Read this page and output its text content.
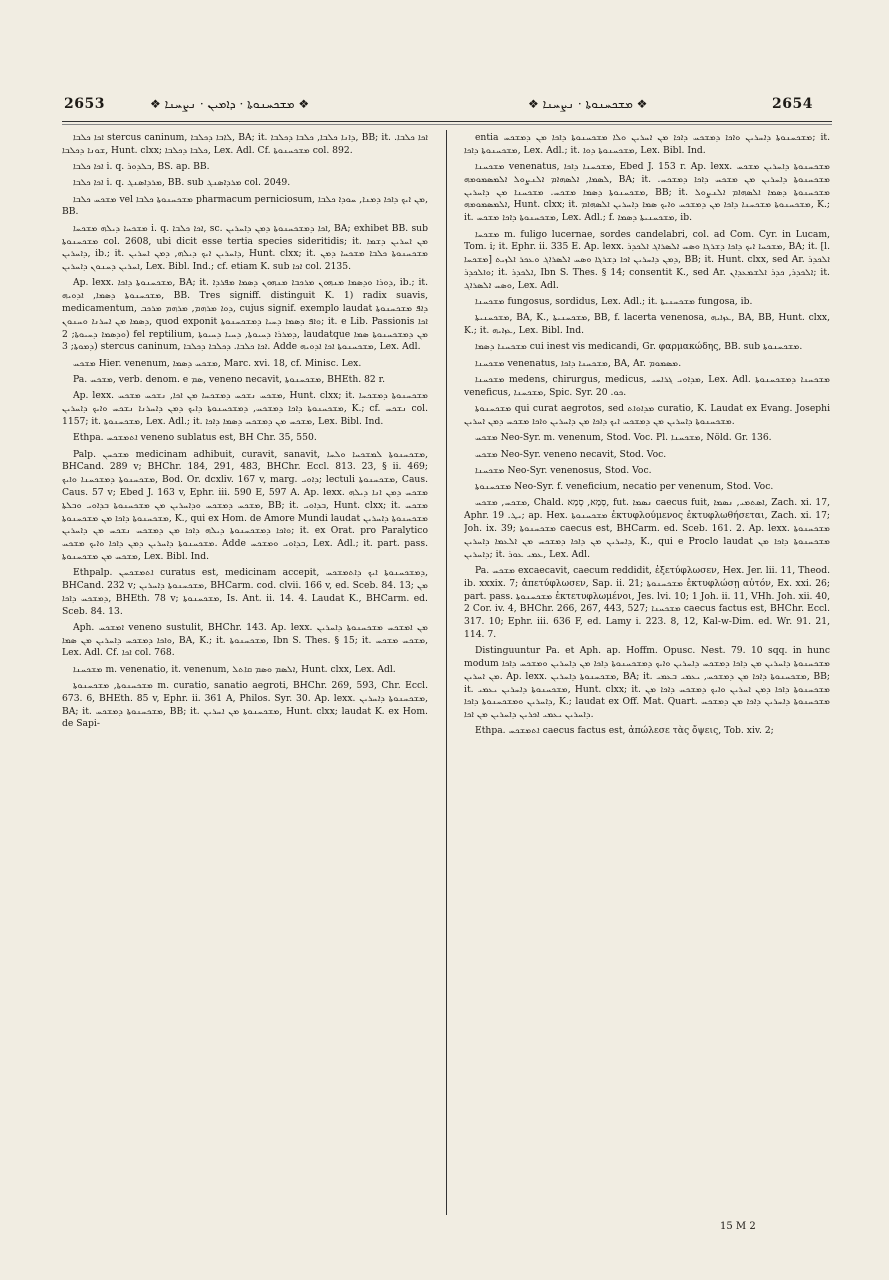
2653	❖ ܡܫܟܚܢܘܬܐ · ܕܐܡܝܢ · ܢܨܚܢܐ ❖	❖ ܡܫܟܚܢܘܬܐ · ܢܨܚܢܐ ❖	2654

ܐܟܐ ܟܠܒܐ stercus caninum, ܠܐܒܐ ܕܟܠܒܐ, BA; it. ܕܐܢܐ ܟܠܒܐ, ܟܠܒܐ ܕܟܠܒܐ, BB; it. ܐܟܐ ܟܠܒܐ. ܫܘܢܐ ܕܟܠܒܐ, Hunt. clxx; ܟܠܒܐ ܕܟܠܒܐ, Lex. Adl. Cf. ܡܫܟܚܢܘܬܐ col. 892.

ܐܟܐ ܟܠܒܐ i. q. ܒܠܕܘܪ, BS. ap. BB.

ܐܟܐ ܟܠܒܐ i. q. ܡܪܕܐܣܢܓ, BB. sub ܡܪܕܐܣܢܓ col. 2049.

ܡܫܟܚ ܟܠܒܐ vel ܡܫܟܚܢܘܬܐ ܟܠܒܐ pharmacum perniciosum, ܡܢ ܐܝܟ ܕܐܟܐ ܕܡܢܐ, ܚܘܕܐ ܟܠܒܐ, BB.

ܡܫܟܚܐ ܕܝܠܗ ܡܫܟܚܐ i. q. ܐܟܐ ܟܠܒܐ, sc. ܐܟܐ ܕܡܫܟܚܢܘܬܐ ܕܡܢ ܕܐܚܪܝܢ, BA; exhibet BB. sub ܡܫܟܚܢܘܬܐ col. 2608, ubi dicit esse tertia species sideritidis; it. ܡܢ ܐܚܪܝܢ ܕܫܡܐ ܕܐܚܪܝܢ, ib.; it. ܕܐܚܪܝܢ ܐܝܟ ܕܝܠܗ, ܕܡܢ ܐܚܪܝܢ, Hunt. clxx; it. ܡܫܟܚܢܘܬܐ ܟܠܒܐ ܡܫܟܚܐ ܕܡܢ ܐܚܪܝܢ ܕܚܢܘܢ ܕܐܚܪܝܢ, Lex. Bibl. Ind.; cf. etiam K. sub ܐܟܐ col. 2135.

Ap. lexx. ܡܫܟܚܢܘܬܐ ܕܐܟܐ, BA; it. ܕܘܪܐ ܘܕܣܡܐ ܡܢܗܘܢ ܡܪܟܒܐ ܡܢܗܘܢ ܕܣܡܐ ܡܦܪܕܐ, ib.; it. ܡܫܟܚܢܘܬܐ ܕܣܡܐ, ܐܕܘܝܗ, BB. Tres signiff. distinguit K. 1) radix suavis, medicamentum, ܕܘܐ ܡܪܗܡ, ܡܪܗܡ ܡܪܟܒ, cujus signif. exemplo laudat ܕܐܦ ܡܫܟܚܢܘܬܐ ܕܣܡܐ ܡܢ ܐܚܪܢܐ ܘܚܢܘܢ, quod exponit ܘܐܦ ܕܣܡܐ ܕܚܝܐ ܕܡܫܟܚܢܘܬܐ; it. e Lib. Passionis ܐܟܐ ܘܕܣܡܐ ܕܚܝܘܬܐ; 2) fel reptilium, ܕܡܪܪܐ ܕܚܝܘܬܐ, ܕܚܝܐ ܕܚܝܘܬܐ, laudatque ܡܢ ܕܡܫܟܚܢܘܬܐ ܣܡܐ ܕܡܘܬܐ; 3) stercus caninum, ܐܟܐ ܟܠܒܐ. ܕܟܠܒܐ ܕܟܠܒܐ. Adde ܡܫܟܚܢܘܬܐ ܐܟܐ ܐܕܘܝܗ, Lex. Adl.

ܡܫܟܚ Hier. venenum, ܡܫܟܚ ܕܣܡܐ, Marc. xvi. 18, cf. Minisc. Lex.

Pa. ܡܫܟܚ, verb. denom. e ܣܡ, veneno necavit, ܡܫܟܚܢܘܬܐ, BHEth. 82 r.

Ap. lexx. ܡܫܟܚ ܢܫܟܚ ܕܡܫܟܚܐ ܡܢ ܐܟܐ, ܢܫܟܚ ܡܫܟܚ, Hunt. clxx; it. ܡܫܟܚܢܘܬܐ ܕܡܫܟܚܐ ܡܫܟܚܢܘܬܐ ܕܐܟܐ ܕܡܫܟܚ, ܕܡܫܟܚܢܘܬܐ ܕܐܝܟ ܕܡܢ ܕܐܚܪܢܐ ܢܫܟܚ ܘܐܝܟ ܕܐܚܪܝܢ, K.; cf. ܢܫܟܚ col. 1157; it. ܡܫܟܚܢܘܬܐ, Lex. Adl.; it. ܡܫܟܚ ܡܢ ܕܡܫܟܚ ܕܣܡܐ ܕܐܟܐ, Lex. Bibl. Ind.

Ethpa. ܐܬܡܫܟܚ veneno sublatus est, BH Chr. 35, 550.

Palp. ܡܫܟܚܢ medicinam adhibuit, curavit, sanavit, ܡܫܟܚܢܘܬܐ ܠܡܫܟܚܐ ܘܠܚܐ, BHCand. 289 v; BHChr. 184, 291, 483, BHChr. Eccl. 813. 23, § ii. 469; ܡܫܟܚܢܘܬܐ ܕܡܫܟܚܢܐ ܘܐܝܟ, Bod. Or. dcxliv. 167 v, marg. ܕܐܘܝ; lectuli ܡܫܟܚܢܘܬܐ, Caus. Caus. 57 v; Ebed J. 163 v, Ephr. iii. 590 E, 597 A. Ap. lexx. ܡܫܟܚ ܕܡܢ ܐܢܐ ܕܝܠܗ ܡܫܟܚ ܕܡܫܟܚ ܘܕܐܚܪܝܢ ܡܢ ܡܫܟܚܢܘܬܐ ܒܕܐܘܝ ܘܒܠܬܐ, BB; it. ܒܕܐܘܝ, Hunt. clxx; it. ܡܫܟܚ ܡܫܟܚܢܘܬܐ ܕܐܟܐ ܡܢ ܡܫܟܚܢܘܬܐ, K., qui ex Hom. de Amore Mundi laudat ܡܫܟܚܢܘܬܐ ܕܐܚܪܝܢ ܘܐܟܐ ܕܡܫܟܚܢܘܬܐ ܕܝܠܗ ܕܐܟܐ ܡܢ ܕܡܫܟܚ ܢܫܟܚ ܡܢ ܕܐܚܪܝܢ; it. ex Orat. pro Paralytico ܡܫܟܚܢܘܬܐ ܕܐܚܪܝܢ ܕܡܢ ܕܐܟܐ ܘܐܝܟ ܡܫܟܚ. Adde ܒܕܐܘܝ ܘܡܫܟܚ, Lex. Adl.; it. part. pass. ܡܫܟܚ ܡܢ ܡܫܟܚܢܘܬܐ, Lex. Bibl. Ind.

Ethpalp. ܐܬܡܫܟܚܢ curatus est, medicinam accepit, ܕܡܫܟܚܢܘܬܐ ܐܝܟ ܕܐܬܡܫܟܚ, BHCand. 232 v; ܡܫܟܚܢܘܬܐ ܕܐܚܪܝܢ, BHCarm. cod. clvii. 166 v, ed. Sceb. 84. 13; ܡܢ ܕܡܫܟܚ ܕܐܟܐ, BHEth. 78 v; ܡܫܟܚܢܘܬܐ, Is. Ant. ii. 14. 4. Laudat K., BHCarm. ed. Sceb. 84. 13.

Aph. ܐܡܫܟܚ veneno sustulit, BHChr. 143. Ap. lexx. ܡܢ ܐܡܫܟܚ ܡܫܟܚܢܘܬܐ ܕܐܚܪܝܢ ܘܐܟܐ ܕܡܫܟܚ ܕܐܚܪܝܢ ܡܢ ܣܡܐ, BA, K.; it. ܡܫܟܚܢܘܬܐ, Ibn S. Thes. § 15; it. ܡܫܟܚ ܡܫܟܚ, Lex. Adl. Cf. ܐܟܐ col. 768.

ܡܫܟܚܢܐ m. venenatio, it. venenum, ܐܠܣܡ ܘܣܡ ܩܐܬܠ, Hunt. clxx, Lex. Adl.

ܡܫܟܚܢܘܬܐ, ܡܫܟܚܢܘܬܐ m. curatio, sanatio aegroti, BHChr. 269, 593, Chr. Eccl. 673. 6, BHEth. 85 v, Ephr. ii. 361 A, Philos. Syr. 30. Ap. lexx. ܡܫܟܚܢܘܬܐ ܕܐܚܪܝܢ, BA; it. ܡܫܟܚܢܘܬܐ ܕܡܫܟܚ, BB; it. ܡܫܟܚܢܘܬܐ ܡܢ ܐܚܪܝܢ, Hunt. clxx; laudat K. ex Hom. de Sapi-

entia ܡܫܟܚܢܘܬܐ ܕܐܚܪܝܢ ܘܐܟܐ ܕܡܫܟܚ ܕܐܟܐ ܡܢ ܐܚܪܝܢ ܘܠܐ ܡܫܟܚܢܘܬܐ ܕܐܟܐ ܡܢ ܕܡܫܟܚ; it. ܡܫܟܚܢܘܬܐ ܕܐܟܐ, Lex. Adl.; it. ܡܫܟܚܢܘܬܐ ܕܘܐ, Lex. Bibl. Ind.

ܡܫܟܚܢܐ venenatus, ܡܫܟܚܢܐ ܕܐܟܐ, Ebed J. 153 r. Ap. lexx. ܡܫܟܚܢܘܬܐ ܕܐܚܪܝܢ ܡܫܟܚ ܠܣܡܐ, ܐܠܣܗܐܡ ܐܠܢܨܘܠ ܐܠܡܣܡܘܡܗ, BA; it. ܡܫܟܚܢܘܬܐ ܕܐܚܪܝܢ ܡܢ ܡܫܟܚ ܕܐܟܐ ܕܡܫܟܚ. ܡܫܟܚܢܘܬܐ ܕܣܡܐ ܡܫܟܚ. ܡܫܟܚܢܐ ܡܢ ܕܐܚܪܝܢ, BB; it. ܡܫܟܚܢܘܬܐ ܕܣܡܐ ܐܠܣܗܐܡ ܐܠܢܨܘܠ ܐܠܡܣܡܘܡܗ, Hunt. clxx; it. ܡܫܟܚܢܘܬܐ ܡܫܟܚܢܐ ܕܐܟܐ ܡܢ ܕܡܫܟܚ ܘܐܝܟ ܣܡܐ ܕܐܚܪܝܢ ܐܠܣܗܐܡ, K.; it. ܡܫܟܚܢܘܬܐ ܕܐܟܐ ܡܫܟܚ, Lex. Adl.; f. ܡܫܟܚܢܝܬܐ ܕܣܡܐ, ib.

ܡܫܟܚܐ m. fuligo lucernae, sordes candelabri, col. ad Com. Cyr. in Lucam, Tom. i; it. Ephr. ii. 335 E. Ap. lexx. ܡܫܟܚܐ ܐܝܟ ܕܐܟܐ ܕܫܪܓܐ ܘܣܚ ܐܠܣܪܐܓ ܐܠܟܕܪ, BA; it. [l. ܡܫܟܚܐ] ܕܡܢ ܕܐܚܪܝܢ ܐܟܐ ܕܫܪܓܐ ܘܣܚ ܐܠܣܪܐܓ ܘܥܟܪ ܐܠܙܝܬ, BB; it. Hunt. clxx, sed Ar. ܐܠܟܕܪ ܘܐܠܟܕܪ; it. ܐܠܟܕܪ, Ibn S. Thes. § 14; consentit K., sed Ar. ܐܠܟܕܪ, ܟܕܪ ܐܠܫܡܥܕܐܢ; it. ܘܣܚ ܐܠܣܪܐܓ, Lex. Adl.

ܡܫܟܚܢܐ fungosus, sordidus, Lex. Adl.; it. ܡܫܟܚܢܝܬܐ fungosa, ib.

ܡܫܟܚܢܝܬܐ, BA, K., ܡܫܟܚܢܝܬܐ, BB, f. lacerta venenosa, ܥܙܐܝܗ, BA, BB, Hunt. clxx, K.; it. ܥܙܐܝܗ, Lex. Bibl. Ind.

ܡܫܟܚܢܐ ܕܣܡܐ cui inest vis medicandi, Gr. φαρμακώδης, BB. sub ܡܫܟܚܢܘܬܐ.

ܡܫܟܚܢܐ venenatus, ܡܫܟܚܢܐ ܕܐܟܐ, BA, Ar. ܡܣܡܘܡ.

ܡܫܟܚܢܐ medens, chirurgus, medicus, ܡܕܐܘܝ ܓܪܐܚܝ, Lex. Adl. ܡܫܟܚܢܐ ܕܡܫܟܚܢܘܬܐ veneficus, ܡܫܟܚܢܐ, Spic. Syr. ܟܘ. 20.

ܡܫܟܚܢܘܬܐ qui curat aegrotos, sed ܡܕܐܘܐܬ curatio, K. Laudat ex Evang. Josephi ܡܫܟܚܢܘܬܐ ܕܐܚܪܝܢ ܡܢ ܕܡܫܟܚ ܐܝܟ ܕܐܟܐ ܡܢ ܕܐܚܪܝܢ ܘܐܟܐ ܡܫܟܚ ܕܡܢ ܐܚܪܝܢ.

ܡܫܟܚ Neo-Syr. m. venenum, Stod. Voc. Pl. ܡܫܟܚܢܐ, Nöld. Gr. 136.

ܡܫܟܚ Neo-Syr. veneno necavit, Stod. Voc.

ܡܫܟܚܢܐ Neo-Syr. venenosus, Stod. Voc.

ܡܫܟܚܢܘܬܐ Neo-Syr. f. veneficium, necatio per venenum, Stod. Voc.

ܡܫܟܚ, ܡܫܟܚ, Chald. סְמָא, סְמָא, fut. ܢܣܡܐ caecus fuit, ܐܣܬܡܝ, ܢܣܡܐ, Zach. xi. 17, Aphr. ܝܛ. 19; ap. Hex. ܡܫܟܚܢܘܬܐ ἐκτυφλούμενος ἐκτυφλωθήσεται, Zach. xi. 17; Joh. ix. 39; ܡܫܟܚܢܘܬܐ caecus est, BHCarm. ed. Sceb. 161. 2. Ap. lexx. ܡܫܟܚܢܘܬܐ ܕܐܚܪܝܢ ܡܢ ܕܐܟܐ ܕܡܫܟܚ ܡܢ ܐܠܥܡܐ ܕܐܚܪܝܢ, K., qui e Proclo laudat ܡܫܟܚܢܘܬܐ ܕܐܟܐ ܡܢ ܕܐܚܪܝܢ; it. ܥܡܝ ܥܘܪ, Lex. Adl.

Pa. ܡܫܟܚ excaecavit, caecum reddidit, ἐξετύφλωσεν, Hex. Jer. lii. 11, Theod. ib. xxxix. 7; ἀπετύφλωσεν, Sap. ii. 21; ܡܫܟܚܢܘܬܐ ἐκτυφλώσῃ αὐτόν, Ex. xxi. 26; part. pass. ܡܫܟܚܢܘܬܐ ἐκτετυφλωμένοι, Jes. lvi. 10; 1 Joh. ii. 11, VHh. Joh. xii. 40, 2 Cor. iv. 4, BHChr. 266, 267, 443, 527; ܡܫܟܚܢܐ caecus factus est, BHChr. Eccl. 317. 10; Ephr. iii. 636 F, ed. Lamy i. 223. 8, 12, Kal-w-Dim. ed. Wr. 91. 21, 114. 7.

Distinguuntur Pa. et Aph. ap. Hoffm. Opusc. Nest. 79. 10 sqq. in hunc modum ܡܫܟܚܢܘܬܐ ܕܐܚܪܝܢ ܡܢ ܕܐܟܐ ܕܡܫܟܚ ܕܐܚܪܝܢ ܘܐܝܟ ܕܡܫܟܚܢܘܬܐ ܕܐܟܐ ܡܢ ܕܐܚܪܝܢ ܘܡܫܟܚ ܕܐܟܐ ܡܢ ܐܚܪܝܢ. Ap. lexx. ܡܫܟܚܢܘܬܐ ܕܐܚܪܝܢ, BA; it. ܡܫܟܚܢܘܬܐ ܕܐܟܐ ܡܢ ܕܡܫܟܚ, ܝܥܡܝ ܒܥܡܝ, BB; it. ܡܫܟܚܢܘܬܐ ܕܐܚܪܝܢ ܝܥܡܝ, Hunt. clxx; it. ܡܫܟܚܢܘܬܐ ܕܐܟܐ ܕܡܢ ܐܚܪܝܢ ܘܐܝܟ ܕܡܫܟܚ ܕܐܟܐ ܡܢ ܕܐܚܪܝܢ ܘܡܫܟܚܢܘܬܐ ܕܐܟܐ, K.; laudat ex Off. Mat. Quart. ܡܫܟܚܢܘܬܐ ܕܐܚܪܝܢ ܕܐܟܐ ܡܢ ܕܡܫܟܚ ܕܐܚܪܝܢ ܝܥܡܝ ܐܟܪܝܢ ܕܐܚܪܝܢ ܡܢ ܐܟܐ.

Ethpa. ܐܬܡܫܟܚ caecus factus est, ἀπώλεσε τὰς ὄψεις, Tob. xiv. 2;

15 M 2
